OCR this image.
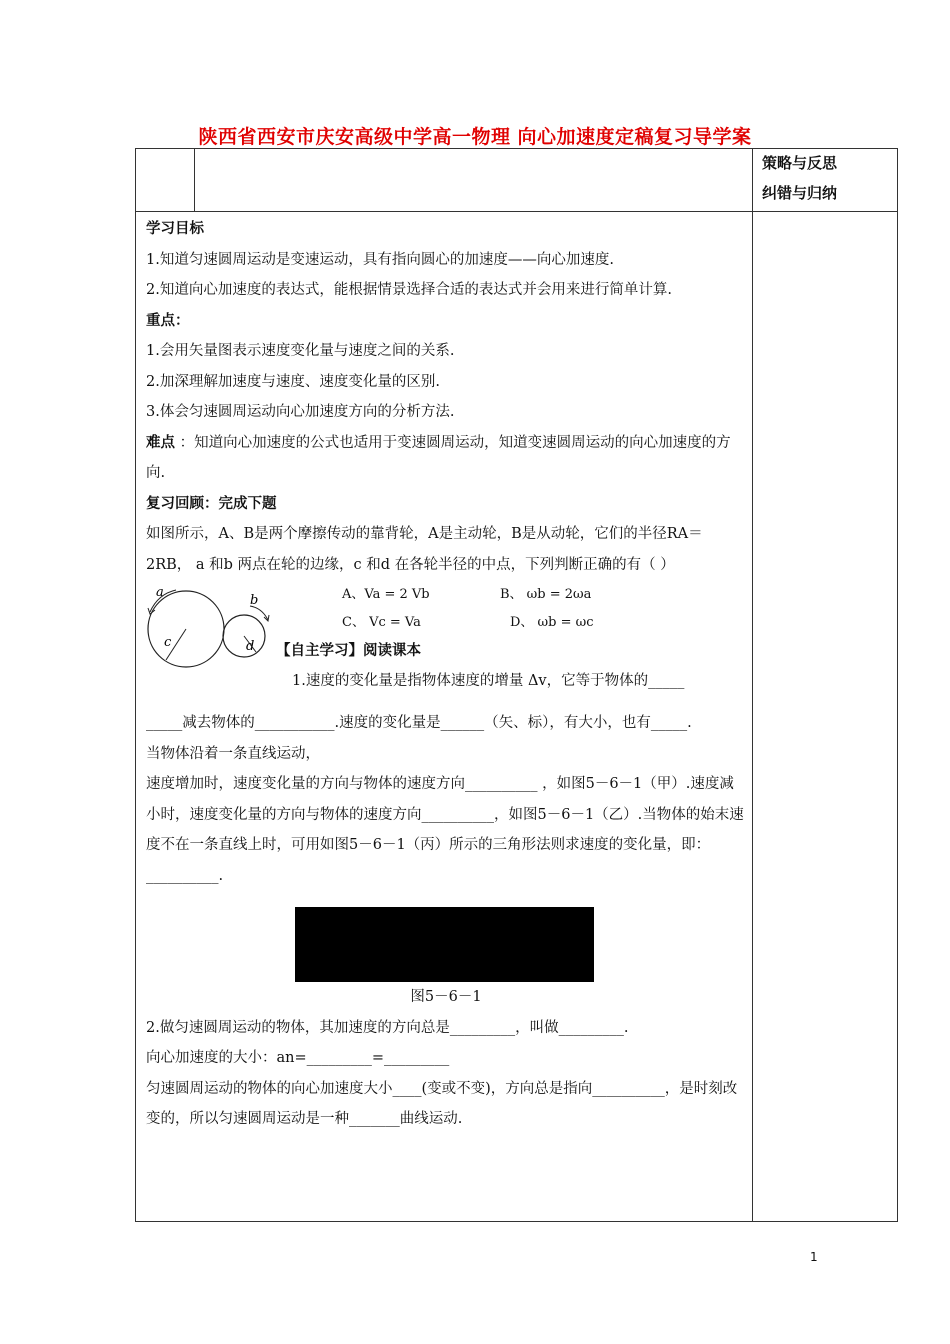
陕西省西安市庆安高级中学高一物理 向心加速度定稿复习导学案
策略与反思
纠错与归纳

学习目标

1.知道匀速圆周运动是变速运动，具有指向圆心的加速度——向心加速度.

2.知道向心加速度的表达式，能根据情景选择合适的表达式并会用来进行简单计算.

重点：

1.会用矢量图表示速度变化量与速度之间的关系.

2.加深理解加速度与速度、速度变化量的区别.

3.体会匀速圆周运动向心加速度方向的分析方法.

难点 ：知道向心加速度的公式也适用于变速圆周运动，知道变速圆周运动的向心加速度的方向.

复习回顾：完成下题

如图所示，A、B是两个摩擦传动的靠背轮，A是主动轮，B是从动轮，它们的半径RA＝2RB， a 和b 两点在轮的边缘，c 和d 在各轮半径的中点，下列判断正确的有（ ）

a
b
c	d
A、Va = 2 Vb	B、 ωb = 2ωa
C、 Vc = Va	D、 ωb = ωc
【自主学习】阅读课本
1.速度的变化量是指物体速度的增量 Δv，它等于物体的_____

_____减去物体的___________.速度的变化量是______（矢、标），有大小，也有_____.

当物体沿着一条直线运动，

速度增加时，速度变化量的方向与物体的速度方向__________ ，如图5－6－1（甲）.速度减小时，速度变化量的方向与物体的速度方向__________，如图5－6－1（乙）.当物体的始末速度不在一条直线上时，可用如图5－6－1（丙）所示的三角形法则求速度的变化量，即：__________.

图5－6－1

2.做匀速圆周运动的物体，其加速度的方向总是_________，叫做_________.

向心加速度的大小：an=_________=_________

匀速圆周运动的物体的向心加速度大小____(变或不变)，方向总是指向__________，是时刻改变的，所以匀速圆周运动是一种_______曲线运动.

1
